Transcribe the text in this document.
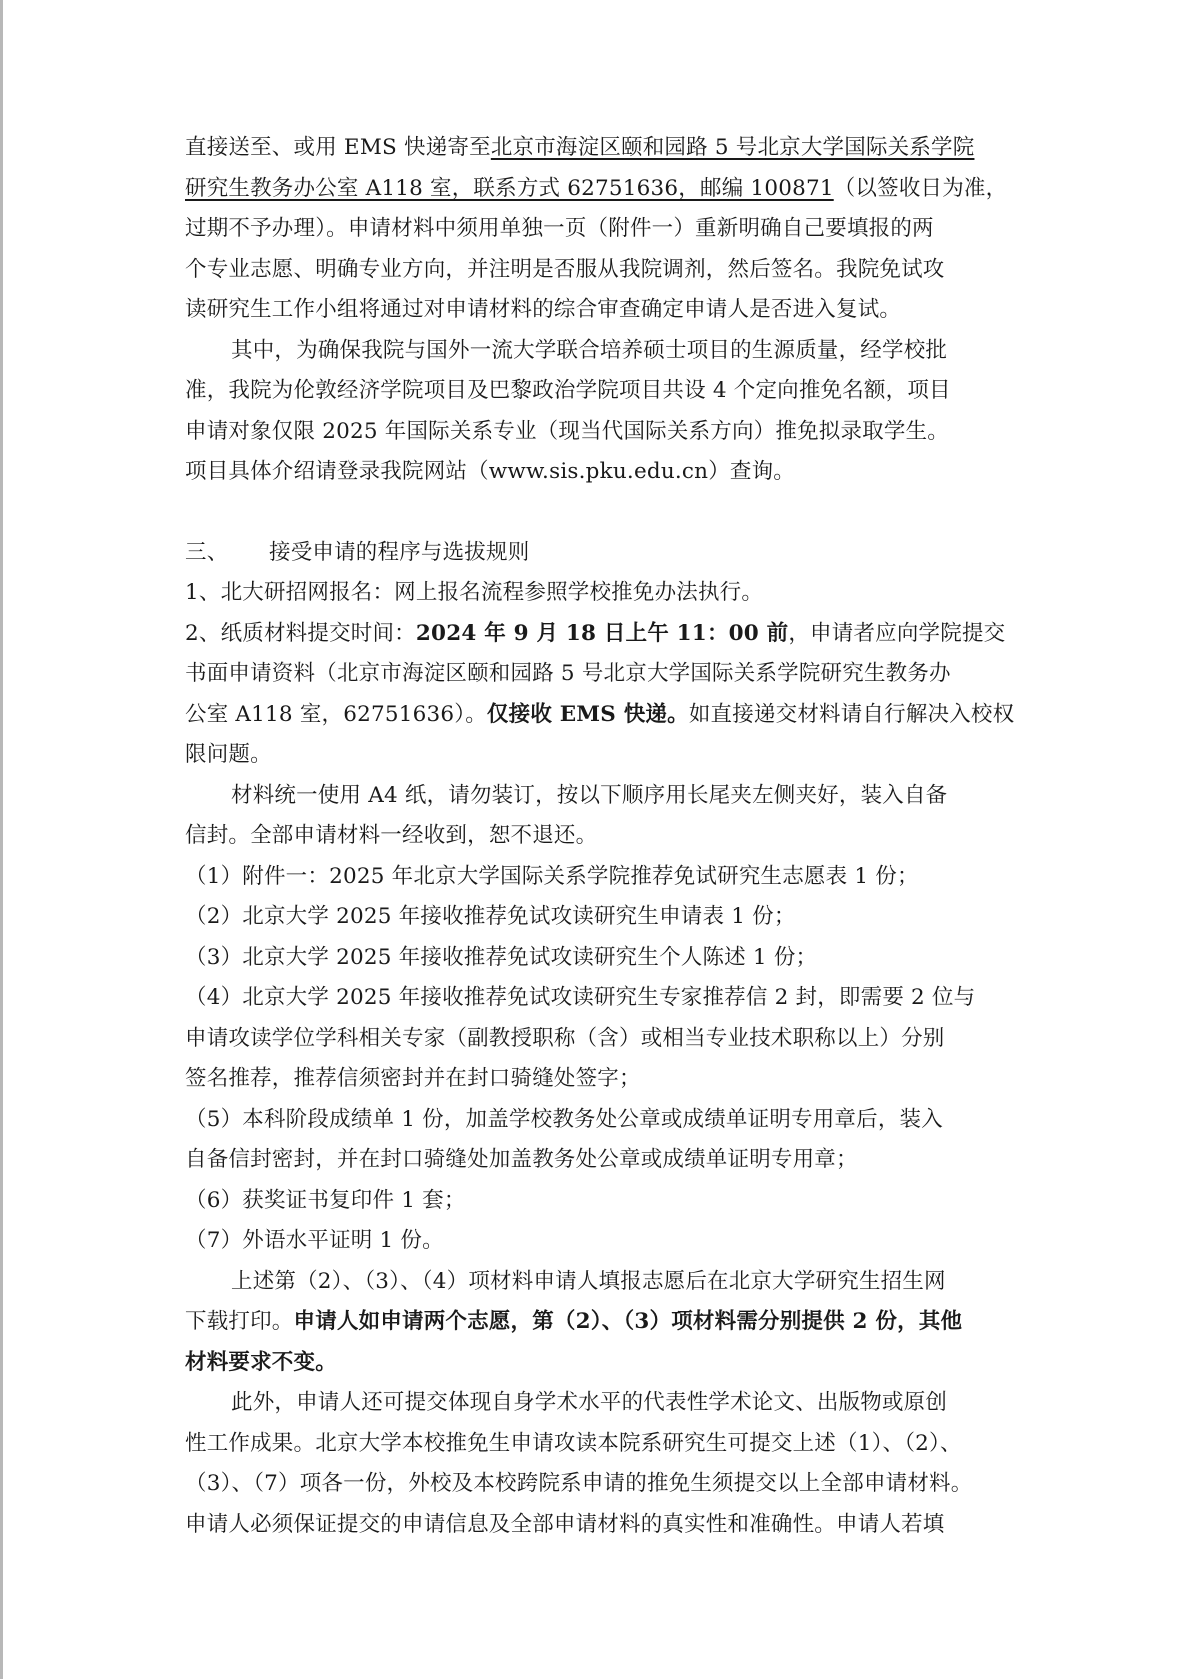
直接送至、或用 EMS 快递寄至北京市海淀区颐和园路 5 号北京大学国际关系学院
研究生教务办公室 A118 室，联系方式 62751636，邮编 100871（以签收日为准，
过期不予办理）。申请材料中须用单独一页（附件一）重新明确自己要填报的两
个专业志愿、明确专业方向，并注明是否服从我院调剂，然后签名。我院免试攻
读研究生工作小组将通过对申请材料的综合审查确定申请人是否进入复试。
其中，为确保我院与国外一流大学联合培养硕士项目的生源质量，经学校批
准，我院为伦敦经济学院项目及巴黎政治学院项目共设 4 个定向推免名额，项目
申请对象仅限 2025 年国际关系专业（现当代国际关系方向）推免拟录取学生。
项目具体介绍请登录我院网站（www.sis.pku.edu.cn）查询。
三、 接受申请的程序与选拔规则
1、北大研招网报名：网上报名流程参照学校推免办法执行。
2、纸质材料提交时间：2024 年 9 月 18 日上午 11：00 前，申请者应向学院提交
书面申请资料（北京市海淀区颐和园路 5 号北京大学国际关系学院研究生教务办
公室 A118 室，62751636）。仅接收 EMS 快递。如直接递交材料请自行解决入校权
限问题。
材料统一使用 A4 纸，请勿装订，按以下顺序用长尾夹左侧夹好，装入自备
信封。全部申请材料一经收到，恕不退还。
（1）附件一：2025 年北京大学国际关系学院推荐免试研究生志愿表 1 份；
（2）北京大学 2025 年接收推荐免试攻读研究生申请表 1 份；
（3）北京大学 2025 年接收推荐免试攻读研究生个人陈述 1 份；
（4）北京大学 2025 年接收推荐免试攻读研究生专家推荐信 2 封，即需要 2 位与
申请攻读学位学科相关专家（副教授职称（含）或相当专业技术职称以上）分别
签名推荐，推荐信须密封并在封口骑缝处签字；
（5）本科阶段成绩单 1 份，加盖学校教务处公章或成绩单证明专用章后，装入
自备信封密封，并在封口骑缝处加盖教务处公章或成绩单证明专用章；
（6）获奖证书复印件 1 套；
（7）外语水平证明 1 份。
上述第（2）、（3）、（4）项材料申请人填报志愿后在北京大学研究生招生网
下载打印。申请人如申请两个志愿，第（2）、（3）项材料需分别提供 2 份，其他
材料要求不变。
此外，申请人还可提交体现自身学术水平的代表性学术论文、出版物或原创
性工作成果。北京大学本校推免生申请攻读本院系研究生可提交上述（1）、（2）、
（3）、（7）项各一份，外校及本校跨院系申请的推免生须提交以上全部申请材料。
申请人必须保证提交的申请信息及全部申请材料的真实性和准确性。申请人若填
